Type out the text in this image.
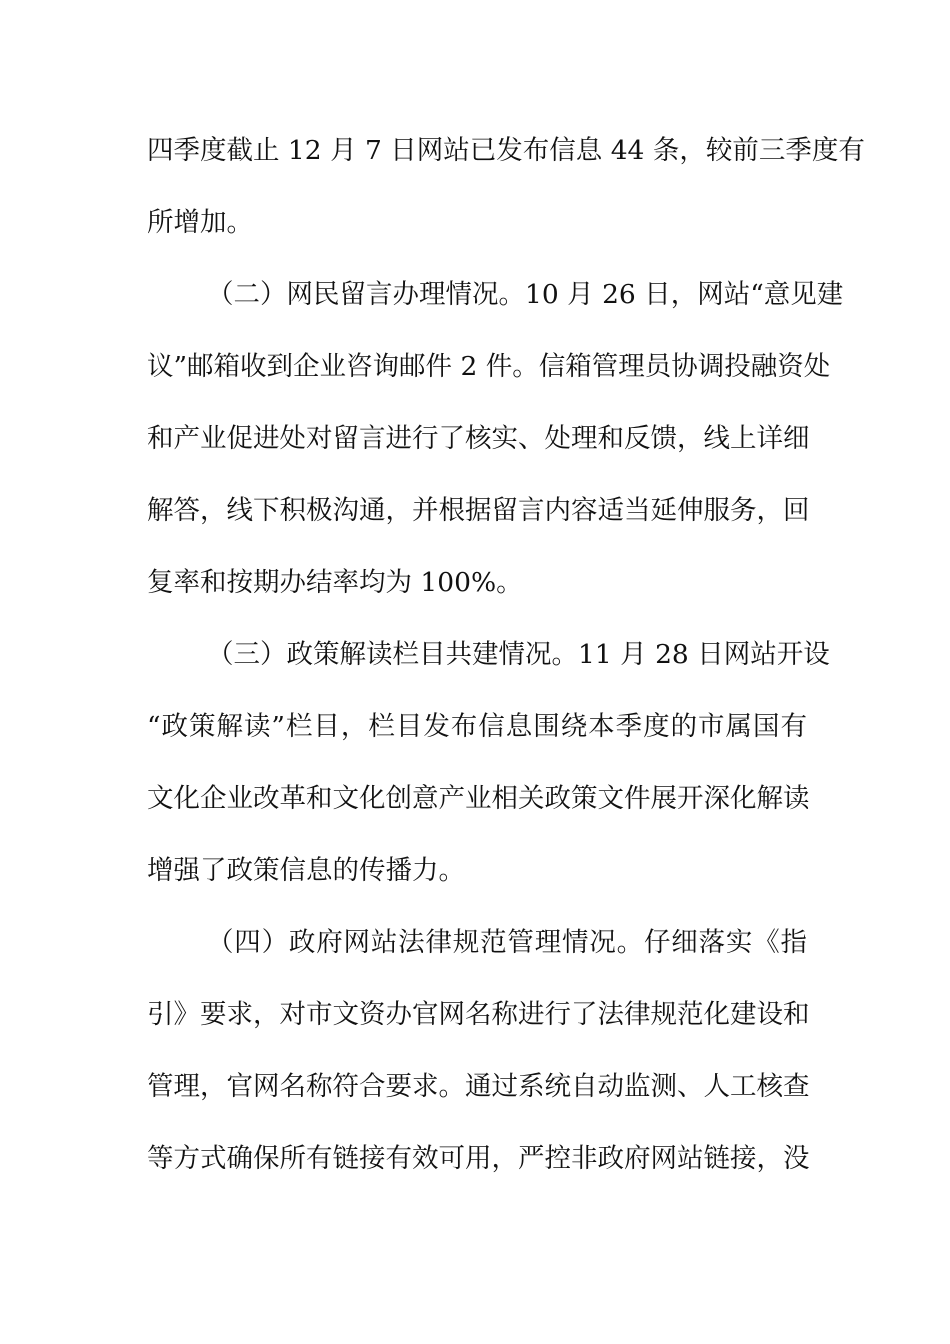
四季度截止 12 月 7 日网站已发布信息 44 条，较前三季度有
所增加。
（二）网民留言办理情况。10 月 26 日，网站“意见建
议”邮箱收到企业咨询邮件 2 件。信箱管理员协调投融资处
和产业促进处对留言进行了核实、处理和反馈，线上详细
解答，线下积极沟通，并根据留言内容适当延伸服务，回
复率和按期办结率均为 100%。
（三）政策解读栏目共建情况。11 月 28 日网站开设
“政策解读”栏目，栏目发布信息围绕本季度的市属国有
文化企业改革和文化创意产业相关政策文件展开深化解读
增强了政策信息的传播力。
（四）政府网站法律规范管理情况。仔细落实《指
引》要求，对市文资办官网名称进行了法律规范化建设和
管理，官网名称符合要求。通过系统自动监测、人工核查
等方式确保所有链接有效可用，严控非政府网站链接，没
